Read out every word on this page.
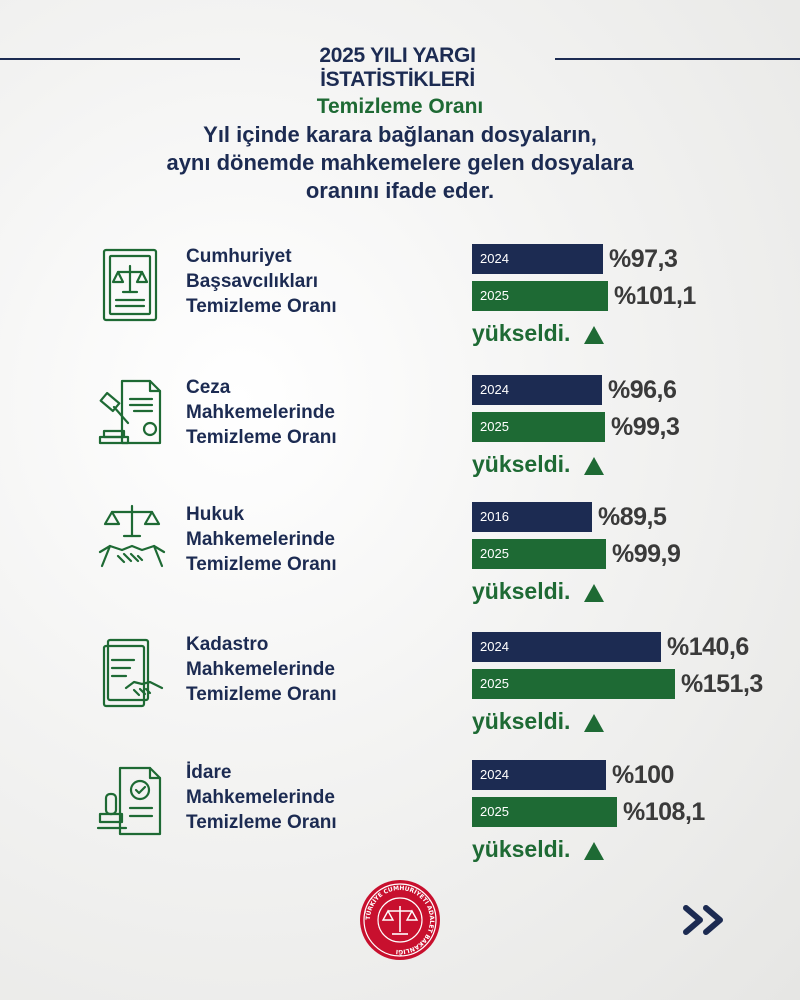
2025 YILI YARGI İSTATİSTİKLERİ
Temizleme Oranı
Yıl içinde karara bağlanan dosyaların,
aynı dönemde mahkemelere gelen dosyalara
oranını ifade eder.
Cumhuriyet
Başsavcılıkları
Temizleme Oranı
2024	%97,3
2025	%101,1
yükseldi.
Ceza
Mahkemelerinde
Temizleme Oranı
2024	%96,6
2025	%99,3
yükseldi.
Hukuk
Mahkemelerinde
Temizleme Oranı
2016	%89,5
2025	%99,9
yükseldi.
Kadastro
Mahkemelerinde
Temizleme Oranı
2024	%140,6
2025	%151,3
yükseldi.
İdare
Mahkemelerinde
Temizleme Oranı
2024	%100
2025	%108,1
yükseldi.
TÜRKİYE CUMHURİYETİ ADALET BAKANLIĞI
